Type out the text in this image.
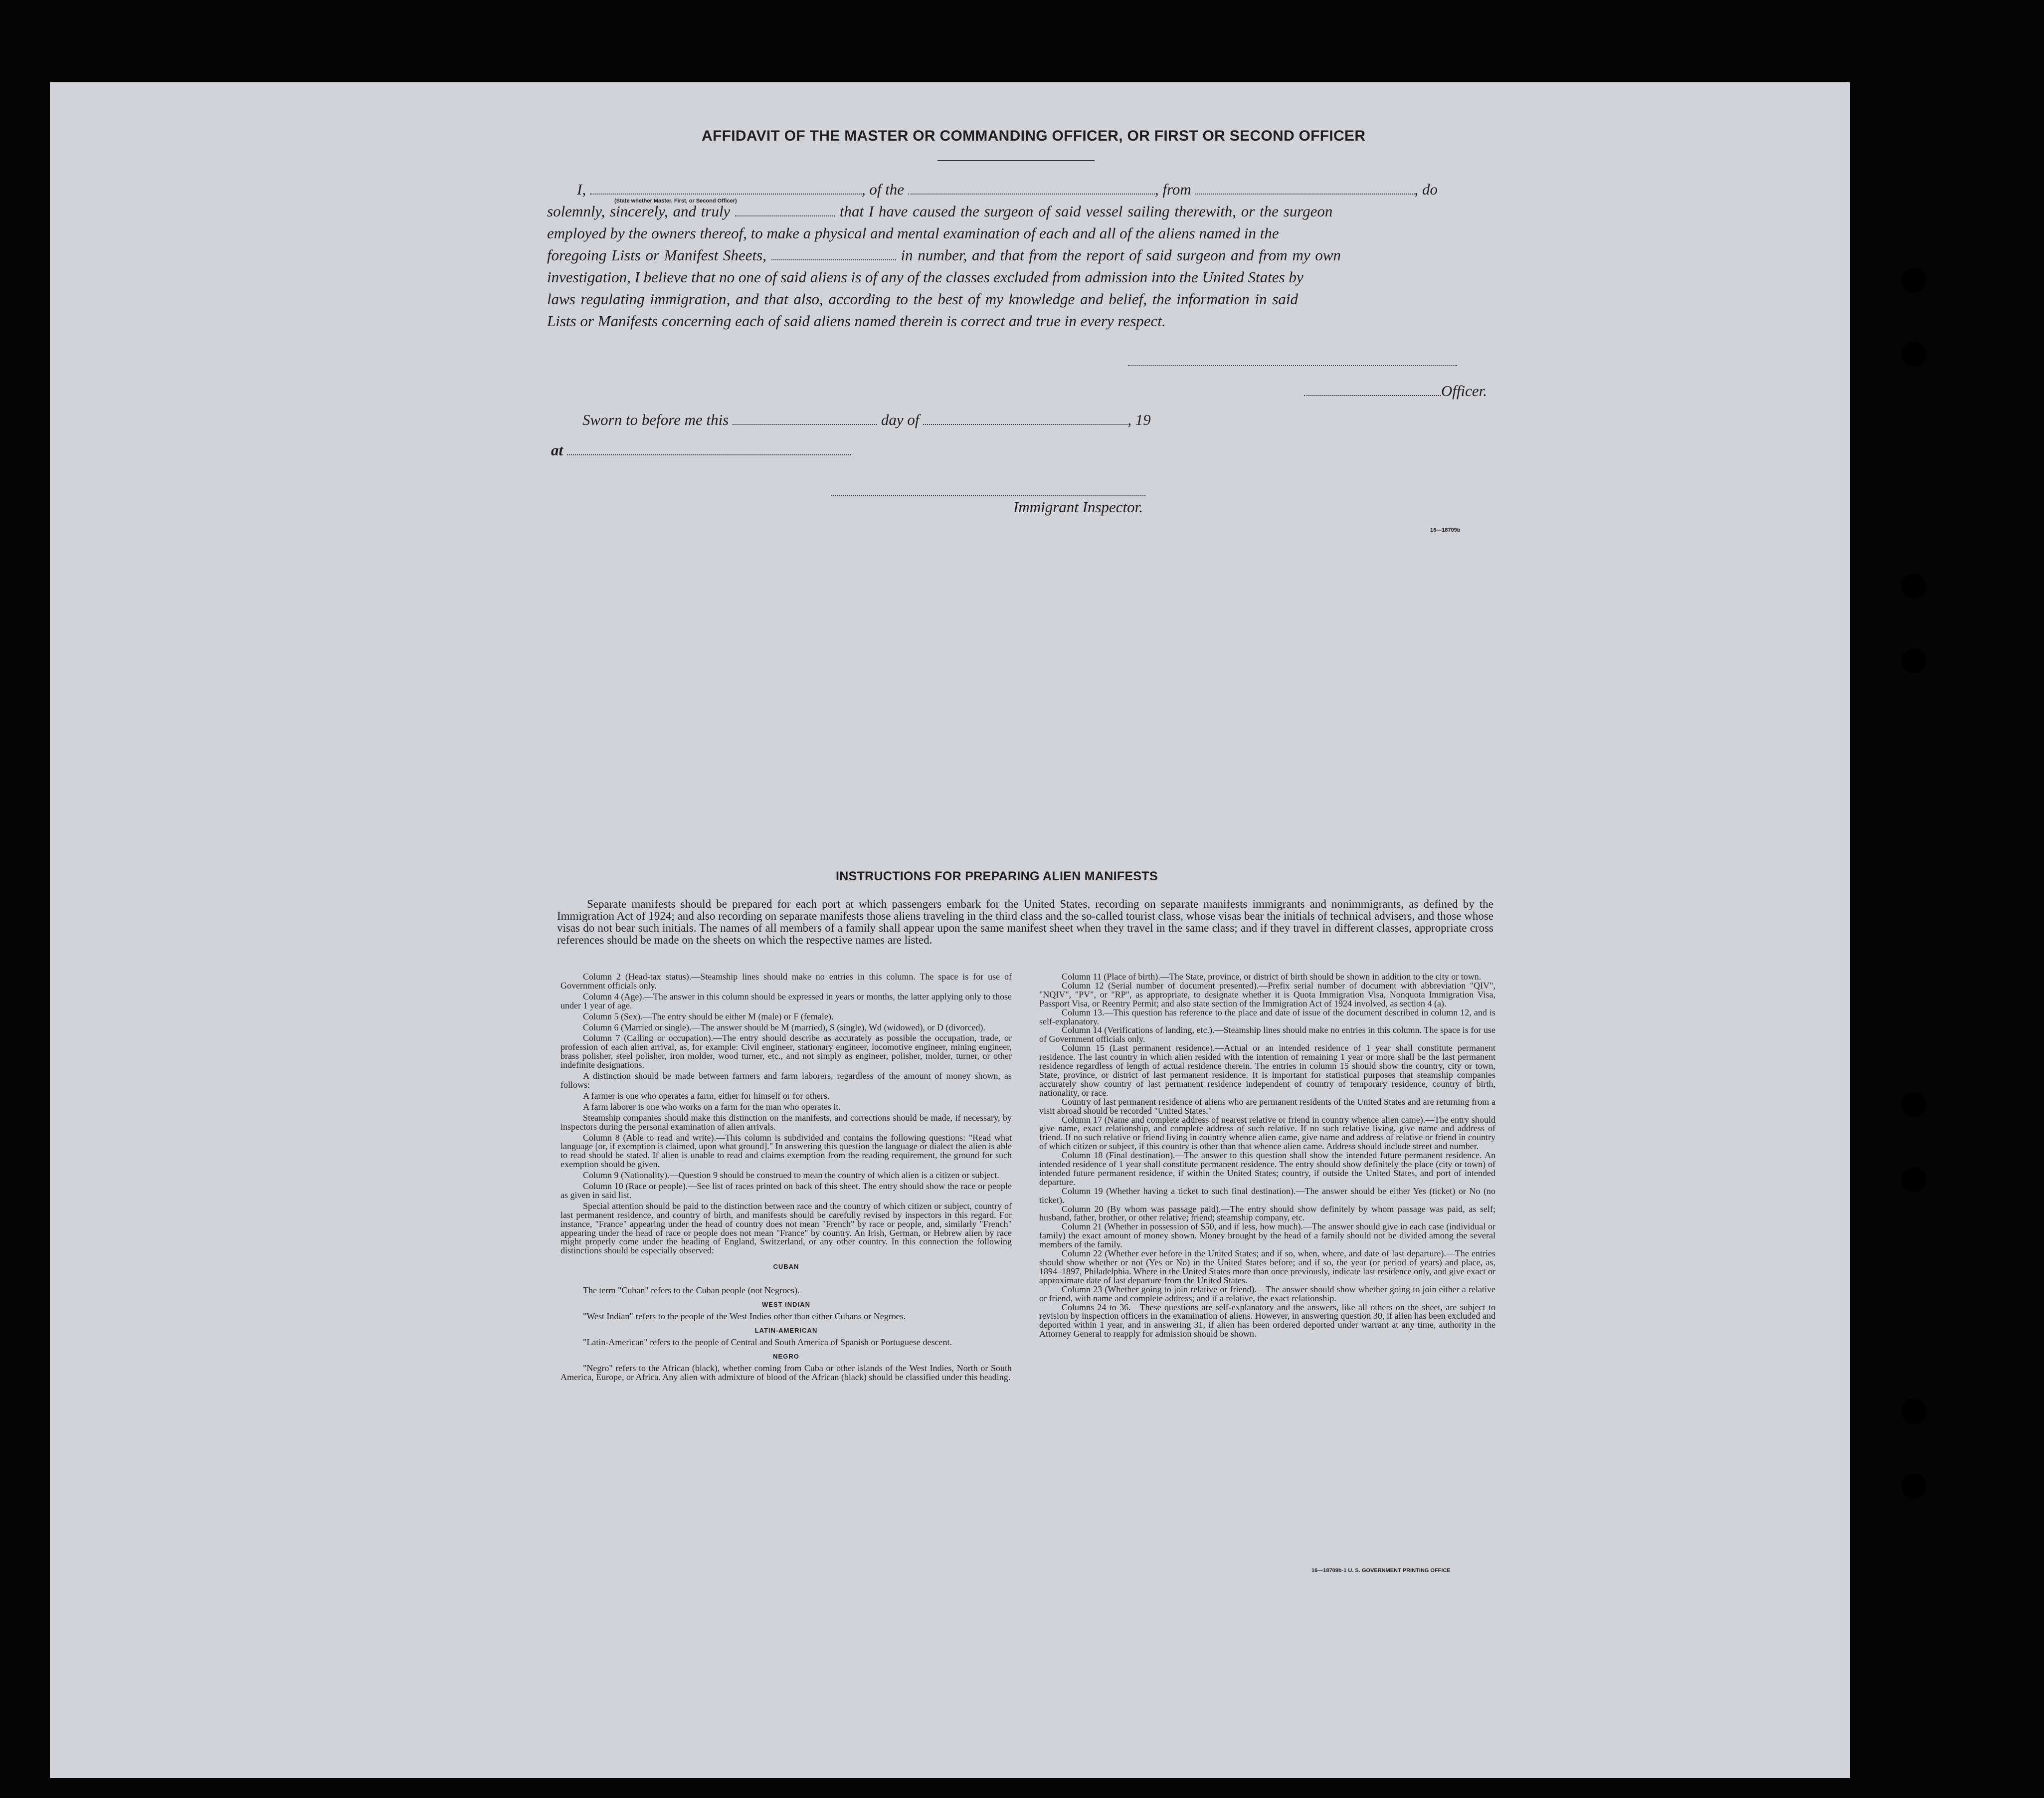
AFFIDAVIT OF THE MASTER OR COMMANDING OFFICER, OR FIRST OR SECOND OFFICER

I,	, of the	, from	, do

solemnly, sincerely, and truly	that I have caused the surgeon of said vessel sailing therewith, or the surgeon

employed by the owners thereof, to make a physical and mental examination of each and all of the aliens named in the

foregoing Lists or Manifest Sheets,	in number, and that from the report of said surgeon and from my own

investigation, I believe that no one of said aliens is of any of the classes excluded from admission into the United States by

laws regulating immigration, and that also, according to the best of my knowledge and belief, the information in said

Lists or Manifests concerning each of said aliens named therein is correct and true in every respect.

(State whether Master, First, or Second Officer)
Officer.
Sworn to before me this	day of	, 19
at
Immigrant Inspector.
16—18709b
INSTRUCTIONS FOR PREPARING ALIEN MANIFESTS

Separate manifests should be prepared for each port at which passengers embark for the United States, recording on separate manifests immigrants and nonimmigrants, as defined by the Immigration Act of 1924; and also recording on separate manifests those aliens traveling in the third class and the so-called tourist class, whose visas bear the initials of technical advisers, and those whose visas do not bear such initials. The names of all members of a family shall appear upon the same manifest sheet when they travel in the same class; and if they travel in different classes, appropriate cross references should be made on the sheets on which the respective names are listed.

Column 2 (Head-tax status).—Steamship lines should make no entries in this column. The space is for use of Government officials only.

Column 4 (Age).—The answer in this column should be expressed in years or months, the latter applying only to those under 1 year of age.

Column 5 (Sex).—The entry should be either M (male) or F (female).

Column 6 (Married or single).—The answer should be M (married), S (single), Wd (widowed), or D (divorced).

Column 7 (Calling or occupation).—The entry should describe as accurately as possible the occupation, trade, or profession of each alien arrival, as, for example: Civil engineer, stationary engineer, locomotive engineer, mining engineer, brass polisher, steel polisher, iron molder, wood turner, etc., and not simply as engineer, polisher, molder, turner, or other indefinite designations.

A distinction should be made between farmers and farm laborers, regardless of the amount of money shown, as follows:

A farmer is one who operates a farm, either for himself or for others.

A farm laborer is one who works on a farm for the man who operates it.

Steamship companies should make this distinction on the manifests, and corrections should be made, if necessary, by inspectors during the personal examination of alien arrivals.

Column 8 (Able to read and write).—This column is subdivided and contains the following questions: "Read what language [or, if exemption is claimed, upon what ground]." In answering this question the language or dialect the alien is able to read should be stated. If alien is unable to read and claims exemption from the reading requirement, the ground for such exemption should be given.

Column 9 (Nationality).—Question 9 should be construed to mean the country of which alien is a citizen or subject.

Column 10 (Race or people).—See list of races printed on back of this sheet. The entry should show the race or people as given in said list.

Special attention should be paid to the distinction between race and the country of which citizen or subject, country of last permanent residence, and country of birth, and manifests should be carefully revised by inspectors in this regard. For instance, "France" appearing under the head of country does not mean "French" by race or people, and, similarly "French" appearing under the head of race or people does not mean "France" by country. An Irish, German, or Hebrew alien by race might properly come under the heading of England, Switzerland, or any other country. In this connection the following distinctions should be especially observed:

CUBAN

The term "Cuban" refers to the Cuban people (not Negroes).

WEST INDIAN

"West Indian" refers to the people of the West Indies other than either Cubans or Negroes.

LATIN-AMERICAN

"Latin-American" refers to the people of Central and South America of Spanish or Portuguese descent.

NEGRO

"Negro" refers to the African (black), whether coming from Cuba or other islands of the West Indies, North or South America, Europe, or Africa. Any alien with admixture of blood of the African (black) should be classified under this heading.

Column 11 (Place of birth).—The State, province, or district of birth should be shown in addition to the city or town.

Column 12 (Serial number of document presented).—Prefix serial number of document with abbreviation "QIV", "NQIV", "PV", or "RP", as appropriate, to designate whether it is Quota Immigration Visa, Nonquota Immigration Visa, Passport Visa, or Reentry Permit; and also state section of the Immigration Act of 1924 involved, as section 4 (a).

Column 13.—This question has reference to the place and date of issue of the document described in column 12, and is self-explanatory.

Column 14 (Verifications of landing, etc.).—Steamship lines should make no entries in this column. The space is for use of Government officials only.

Column 15 (Last permanent residence).—Actual or an intended residence of 1 year shall constitute permanent residence. The last country in which alien resided with the intention of remaining 1 year or more shall be the last permanent residence regardless of length of actual residence therein. The entries in column 15 should show the country, city or town, State, province, or district of last permanent residence. It is important for statistical purposes that steamship companies accurately show country of last permanent residence independent of country of temporary residence, country of birth, nationality, or race.

Country of last permanent residence of aliens who are permanent residents of the United States and are returning from a visit abroad should be recorded "United States."

Column 17 (Name and complete address of nearest relative or friend in country whence alien came).—The entry should give name, exact relationship, and complete address of such relative. If no such relative living, give name and address of friend. If no such relative or friend living in country whence alien came, give name and address of relative or friend in country of which citizen or subject, if this country is other than that whence alien came. Address should include street and number.

Column 18 (Final destination).—The answer to this question shall show the intended future permanent residence. An intended residence of 1 year shall constitute permanent residence. The entry should show definitely the place (city or town) of intended future permanent residence, if within the United States; country, if outside the United States, and port of intended departure.

Column 19 (Whether having a ticket to such final destination).—The answer should be either Yes (ticket) or No (no ticket).

Column 20 (By whom was passage paid).—The entry should show definitely by whom passage was paid, as self; husband, father, brother, or other relative; friend; steamship company, etc.

Column 21 (Whether in possession of $50, and if less, how much).—The answer should give in each case (individual or family) the exact amount of money shown. Money brought by the head of a family should not be divided among the several members of the family.

Column 22 (Whether ever before in the United States; and if so, when, where, and date of last departure).—The entries should show whether or not (Yes or No) in the United States before; and if so, the year (or period of years) and place, as, 1894–1897, Philadelphia. Where in the United States more than once previously, indicate last residence only, and give exact or approximate date of last departure from the United States.

Column 23 (Whether going to join relative or friend).—The answer should show whether going to join either a relative or friend, with name and complete address; and if a relative, the exact relationship.

Columns 24 to 36.—These questions are self-explanatory and the answers, like all others on the sheet, are subject to revision by inspection officers in the examination of aliens. However, in answering question 30, if alien has been excluded and deported within 1 year, and in answering 31, if alien has been ordered deported under warrant at any time, authority in the Attorney General to reapply for admission should be shown.

16—18709b-1 U. S. GOVERNMENT PRINTING OFFICE
